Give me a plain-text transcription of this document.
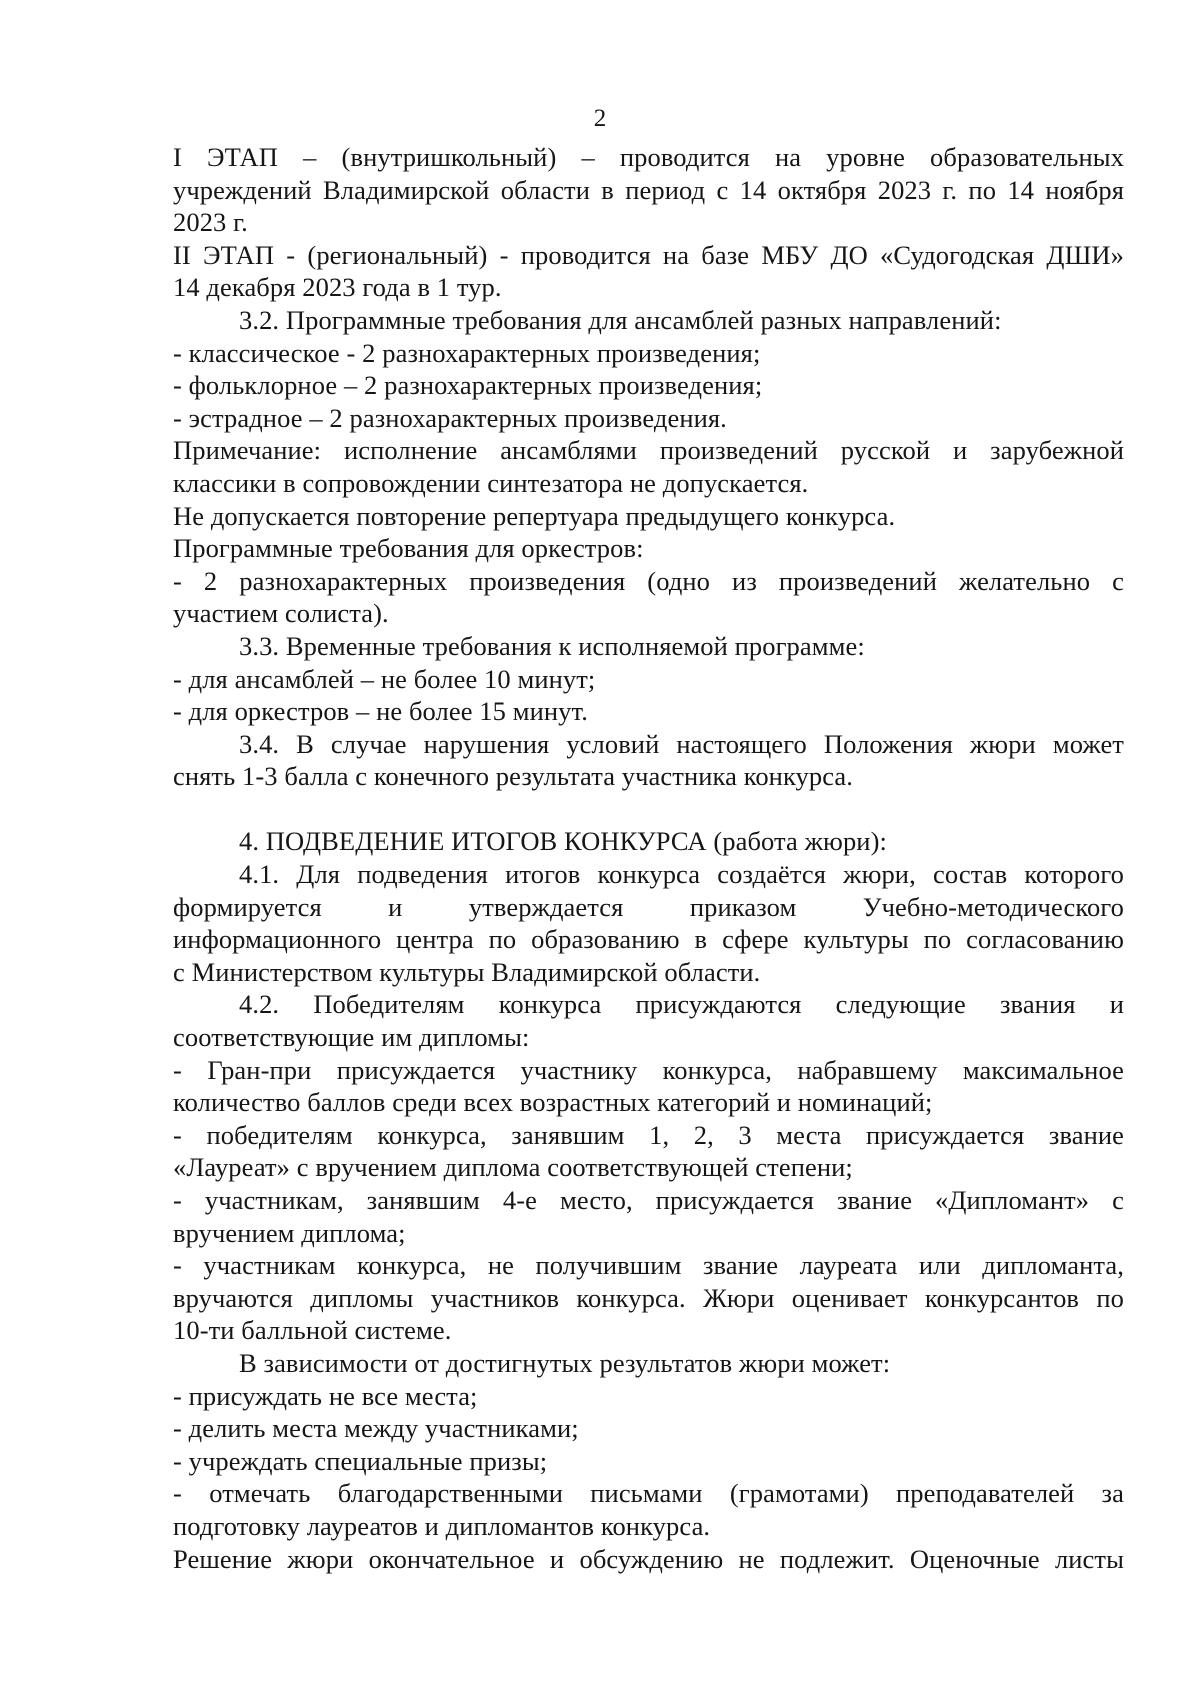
2
I ЭТАП – (внутришкольный) – проводится на уровне образовательных
учреждений Владимирской области в период с 14 октября 2023 г. по 14 ноября
2023 г.
II ЭТАП - (региональный) - проводится на базе МБУ ДО «Судогодская ДШИ»
14 декабря 2023 года в 1 тур.
3.2. Программные требования для ансамблей разных направлений:
- классическое - 2 разнохарактерных произведения;
- фольклорное – 2 разнохарактерных произведения;
- эстрадное – 2 разнохарактерных произведения.
Примечание: исполнение ансамблями произведений русской и зарубежной
классики в сопровождении синтезатора не допускается.
Не допускается повторение репертуара предыдущего конкурса.
Программные требования для оркестров:
- 2 разнохарактерных произведения (одно из произведений желательно с
участием солиста).
3.3. Временные требования к исполняемой программе:
- для ансамблей – не более 10 минут;
- для оркестров – не более 15 минут.
3.4. В случае нарушения условий настоящего Положения жюри может
снять 1-3 балла с конечного результата участника конкурса.
4. ПОДВЕДЕНИЕ ИТОГОВ КОНКУРСА (работа жюри):
4.1. Для подведения итогов конкурса создаётся жюри, состав которого
формируется и утверждается приказом Учебно-методического
информационного центра по образованию в сфере культуры по согласованию
с Министерством культуры Владимирской области.
4.2. Победителям конкурса присуждаются следующие звания и
соответствующие им дипломы:
- Гран-при присуждается участнику конкурса, набравшему максимальное
количество баллов среди всех возрастных категорий и номинаций;
- победителям конкурса, занявшим 1, 2, 3 места присуждается звание
«Лауреат» с вручением диплома соответствующей степени;
- участникам, занявшим 4-е место, присуждается звание «Дипломант» с
вручением диплома;
- участникам конкурса, не получившим звание лауреата или дипломанта,
вручаются дипломы участников конкурса. Жюри оценивает конкурсантов по
10-ти балльной системе.
В зависимости от достигнутых результатов жюри может:
- присуждать не все места;
- делить места между участниками;
- учреждать специальные призы;
- отмечать благодарственными письмами (грамотами) преподавателей за
подготовку лауреатов и дипломантов конкурса.
Решение жюри окончательное и обсуждению не подлежит. Оценочные листы
